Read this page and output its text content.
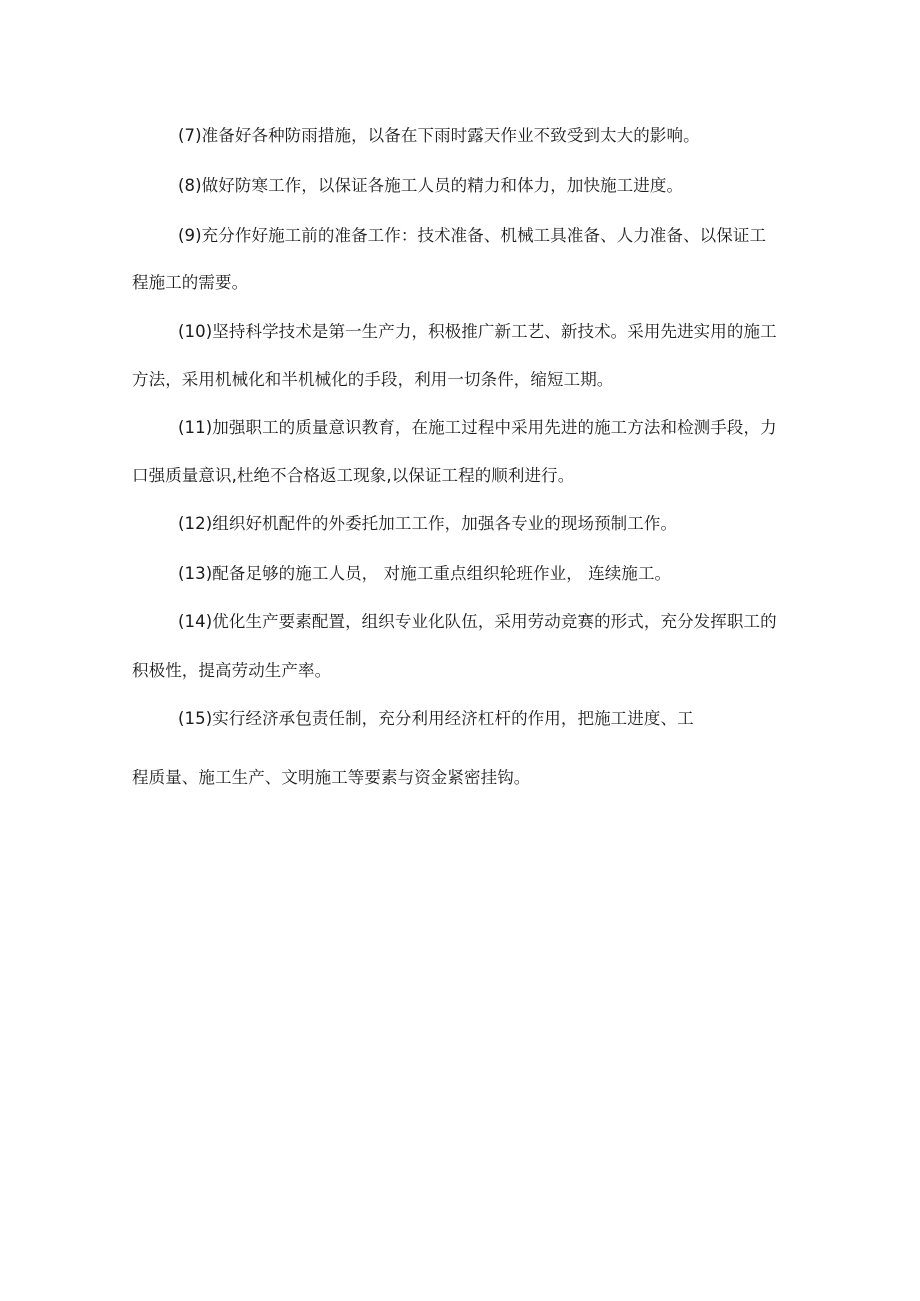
(7)准备好各种防雨措施，以备在下雨时露天作业不致受到太大的影响。
(8)做好防寒工作，以保证各施工人员的精力和体力，加快施工进度。
(9)充分作好施工前的准备工作：技术准备、机械工具准备、人力准备、以保证工
程施工的需要。
(10)坚持科学技术是第一生产力，积极推广新工艺、新技术。采用先进实用的施工
方法，采用机械化和半机械化的手段，利用一切条件，缩短工期。
(11)加强职工的质量意识教育，在施工过程中采用先进的施工方法和检测手段，力
口强质量意识,杜绝不合格返工现象,以保证工程的顺利进行。
(12)组织好机配件的外委托加工工作，加强各专业的现场预制工作。
(13)配备足够的施工人员， 对施工重点组织轮班作业， 连续施工。
(14)优化生产要素配置，组织专业化队伍，采用劳动竞赛的形式，充分发挥职工的
积极性，提高劳动生产率。
(15)实行经济承包责任制，充分利用经济杠杆的作用，把施工进度、工
程质量、施工生产、文明施工等要素与资金紧密挂钩。
